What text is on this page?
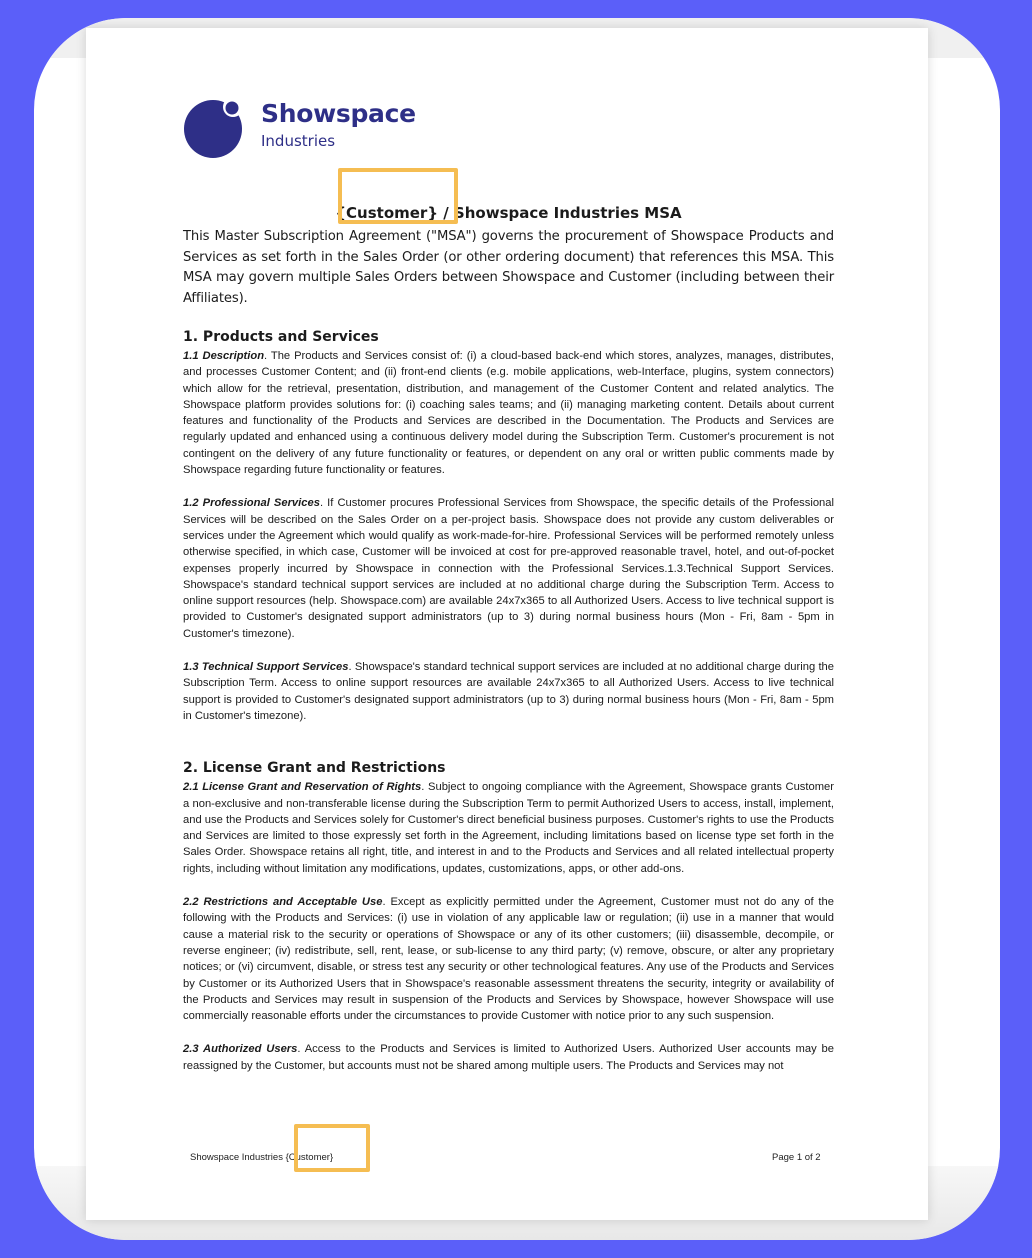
Showspace
Industries
{Customer} / Showspace Industries MSA

This Master Subscription Agreement ("MSA") governs the procurement of Showspace Products and Services as set forth in the Sales Order (or other ordering document) that references this MSA. This MSA may govern multiple Sales Orders between Showspace and Customer (including between their Affiliates).

1. Products and Services

1.1 Description. The Products and Services consist of: (i) a cloud-based back-end which stores, analyzes, manages, distributes, and processes Customer Content; and (ii) front-end clients (e.g. mobile applications, web-Interface, plugins, system connectors) which allow for the retrieval, presentation, distribution, and management of the Customer Content and related analytics. The Showspace platform provides solutions for: (i) coaching sales teams; and (ii) managing marketing content. Details about current features and functionality of the Products and Services are described in the Documentation. The Products and Services are regularly updated and enhanced using a continuous delivery model during the Subscription Term. Customer's procurement is not contingent on the delivery of any future functionality or features, or dependent on any oral or written public comments made by Showspace regarding future functionality or features.

1.2 Professional Services. If Customer procures Professional Services from Showspace, the specific details of the Professional Services will be described on the Sales Order on a per-project basis. Showspace does not provide any custom deliverables or services under the Agreement which would qualify as work-made-for-hire. Professional Services will be performed remotely unless otherwise specified, in which case, Customer will be invoiced at cost for pre-approved reasonable travel, hotel, and out-of-pocket expenses properly incurred by Showspace in connection with the Professional Services.1.3.Technical Support Services. Showspace's standard technical support services are included at no additional charge during the Subscription Term. Access to online support resources (help. Showspace.com) are available 24x7x365 to all Authorized Users. Access to live technical support is provided to Customer's designated support administrators (up to 3) during normal business hours (Mon - Fri, 8am - 5pm in Customer's timezone).

1.3 Technical Support Services. Showspace's standard technical support services are included at no additional charge during the Subscription Term. Access to online support resources are available 24x7x365 to all Authorized Users. Access to live technical support is provided to Customer's designated support administrators (up to 3) during normal business hours (Mon - Fri, 8am - 5pm in Customer's timezone).

2. License Grant and Restrictions

2.1 License Grant and Reservation of Rights. Subject to ongoing compliance with the Agreement, Showspace grants Customer a non-exclusive and non-transferable license during the Subscription Term to permit Authorized Users to access, install, implement, and use the Products and Services solely for Customer's direct beneficial business purposes. Customer's rights to use the Products and Services are limited to those expressly set forth in the Agreement, including limitations based on license type set forth in the Sales Order. Showspace retains all right, title, and interest in and to the Products and Services and all related intellectual property rights, including without limitation any modifications, updates, customizations, apps, or other add-ons.

2.2 Restrictions and Acceptable Use. Except as explicitly permitted under the Agreement, Customer must not do any of the following with the Products and Services: (i) use in violation of any applicable law or regulation; (ii) use in a manner that would cause a material risk to the security or operations of Showspace or any of its other customers; (iii) disassemble, decompile, or reverse engineer; (iv) redistribute, sell, rent, lease, or sub-license to any third party; (v) remove, obscure, or alter any proprietary notices; or (vi) circumvent, disable, or stress test any security or other technological features. Any use of the Products and Services by Customer or its Authorized Users that in Showspace's reasonable assessment threatens the security, integrity or availability of the Products and Services may result in suspension of the Products and Services by Showspace, however Showspace will use commercially reasonable efforts under the circumstances to provide Customer with notice prior to any such suspension.

2.3 Authorized Users. Access to the Products and Services is limited to Authorized Users. Authorized User accounts may be reassigned by the Customer, but accounts must not be shared among multiple users. The Products and Services may not

Showspace Industries {Customer}	Page 1 of 2
